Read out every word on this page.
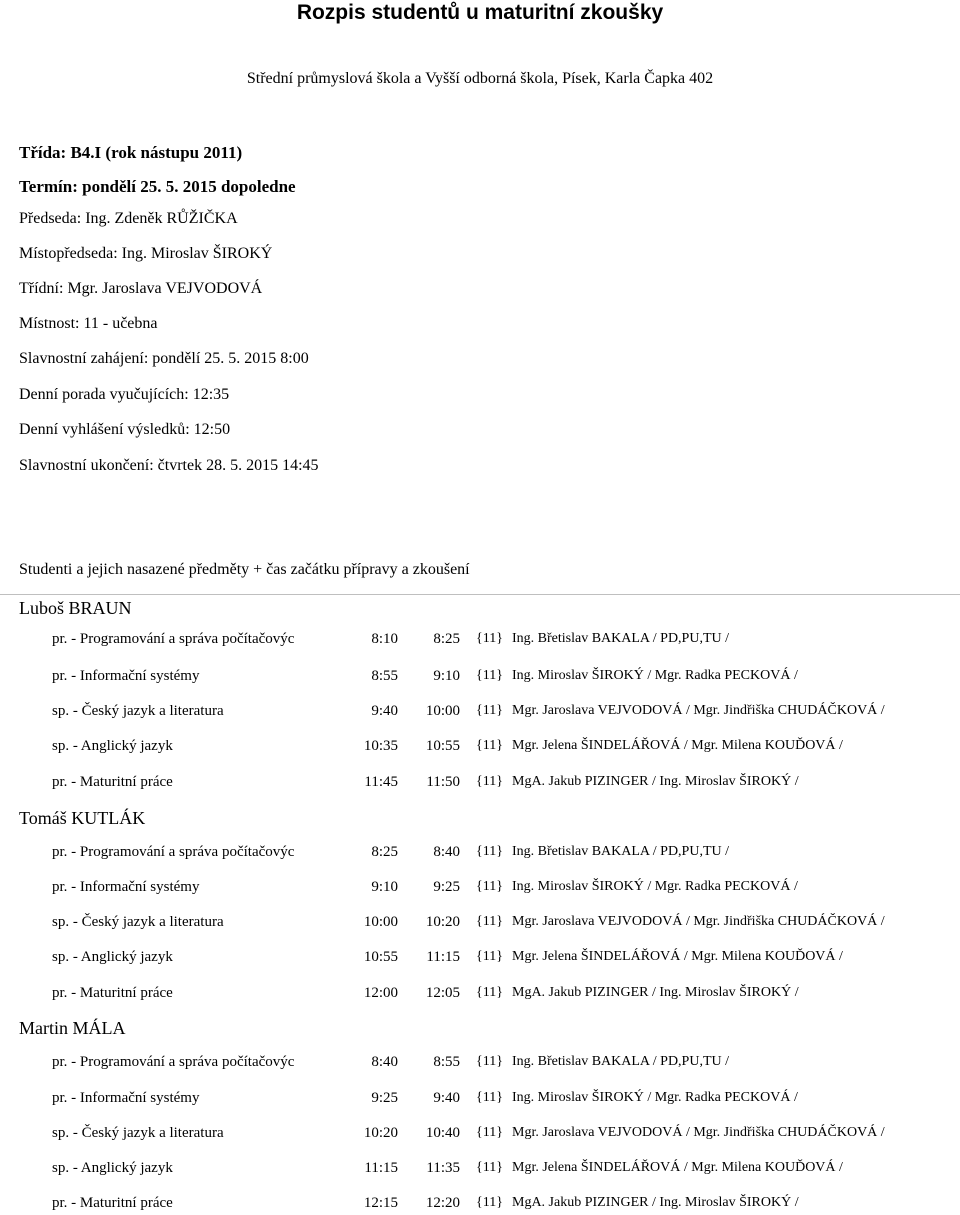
Rozpis studentů u maturitní zkoušky
Střední průmyslová škola a Vyšší odborná škola, Písek, Karla Čapka 402
Třída: B4.I (rok nástupu 2011)
Termín: pondělí 25. 5. 2015 dopoledne
Předseda: Ing. Zdeněk RŮŽIČKA
Místopředseda: Ing. Miroslav ŠIROKÝ
Třídní: Mgr. Jaroslava VEJVODOVÁ
Místnost: 11 - učebna
Slavnostní zahájení: pondělí 25. 5. 2015 8:00
Denní porada vyučujících: 12:35
Denní vyhlášení výsledků: 12:50
Slavnostní ukončení: čtvrtek 28. 5. 2015 14:45
Studenti a jejich nasazené předměty + čas začátku přípravy a zkoušení
Luboš BRAUN
pr. - Programování a správa počítačovýc	8:10	8:25 {11} Ing. Břetislav BAKALA / PD,PU,TU /
pr. - Informační systémy	8:55	9:10 {11} Ing. Miroslav ŠIROKÝ / Mgr. Radka PECKOVÁ /
sp. - Český jazyk a literatura	9:40	10:00 {11} Mgr. Jaroslava VEJVODOVÁ / Mgr. Jindřiška CHUDÁČKOVÁ /
sp. - Anglický jazyk	10:35	10:55 {11} Mgr. Jelena ŠINDELÁŘOVÁ / Mgr. Milena KOUĎOVÁ /
pr. - Maturitní práce	11:45	11:50 {11} MgA. Jakub PIZINGER / Ing. Miroslav ŠIROKÝ /
Tomáš KUTLÁK
pr. - Programování a správa počítačovýc	8:25	8:40 {11} Ing. Břetislav BAKALA / PD,PU,TU /
pr. - Informační systémy	9:10	9:25 {11} Ing. Miroslav ŠIROKÝ / Mgr. Radka PECKOVÁ /
sp. - Český jazyk a literatura	10:00	10:20 {11} Mgr. Jaroslava VEJVODOVÁ / Mgr. Jindřiška CHUDÁČKOVÁ /
sp. - Anglický jazyk	10:55	11:15 {11} Mgr. Jelena ŠINDELÁŘOVÁ / Mgr. Milena KOUĎOVÁ /
pr. - Maturitní práce	12:00	12:05 {11} MgA. Jakub PIZINGER / Ing. Miroslav ŠIROKÝ /
Martin MÁLA
pr. - Programování a správa počítačovýc	8:40	8:55 {11} Ing. Břetislav BAKALA / PD,PU,TU /
pr. - Informační systémy	9:25	9:40 {11} Ing. Miroslav ŠIROKÝ / Mgr. Radka PECKOVÁ /
sp. - Český jazyk a literatura	10:20	10:40 {11} Mgr. Jaroslava VEJVODOVÁ / Mgr. Jindřiška CHUDÁČKOVÁ /
sp. - Anglický jazyk	11:15	11:35 {11} Mgr. Jelena ŠINDELÁŘOVÁ / Mgr. Milena KOUĎOVÁ /
pr. - Maturitní práce	12:15	12:20 {11} MgA. Jakub PIZINGER / Ing. Miroslav ŠIROKÝ /
